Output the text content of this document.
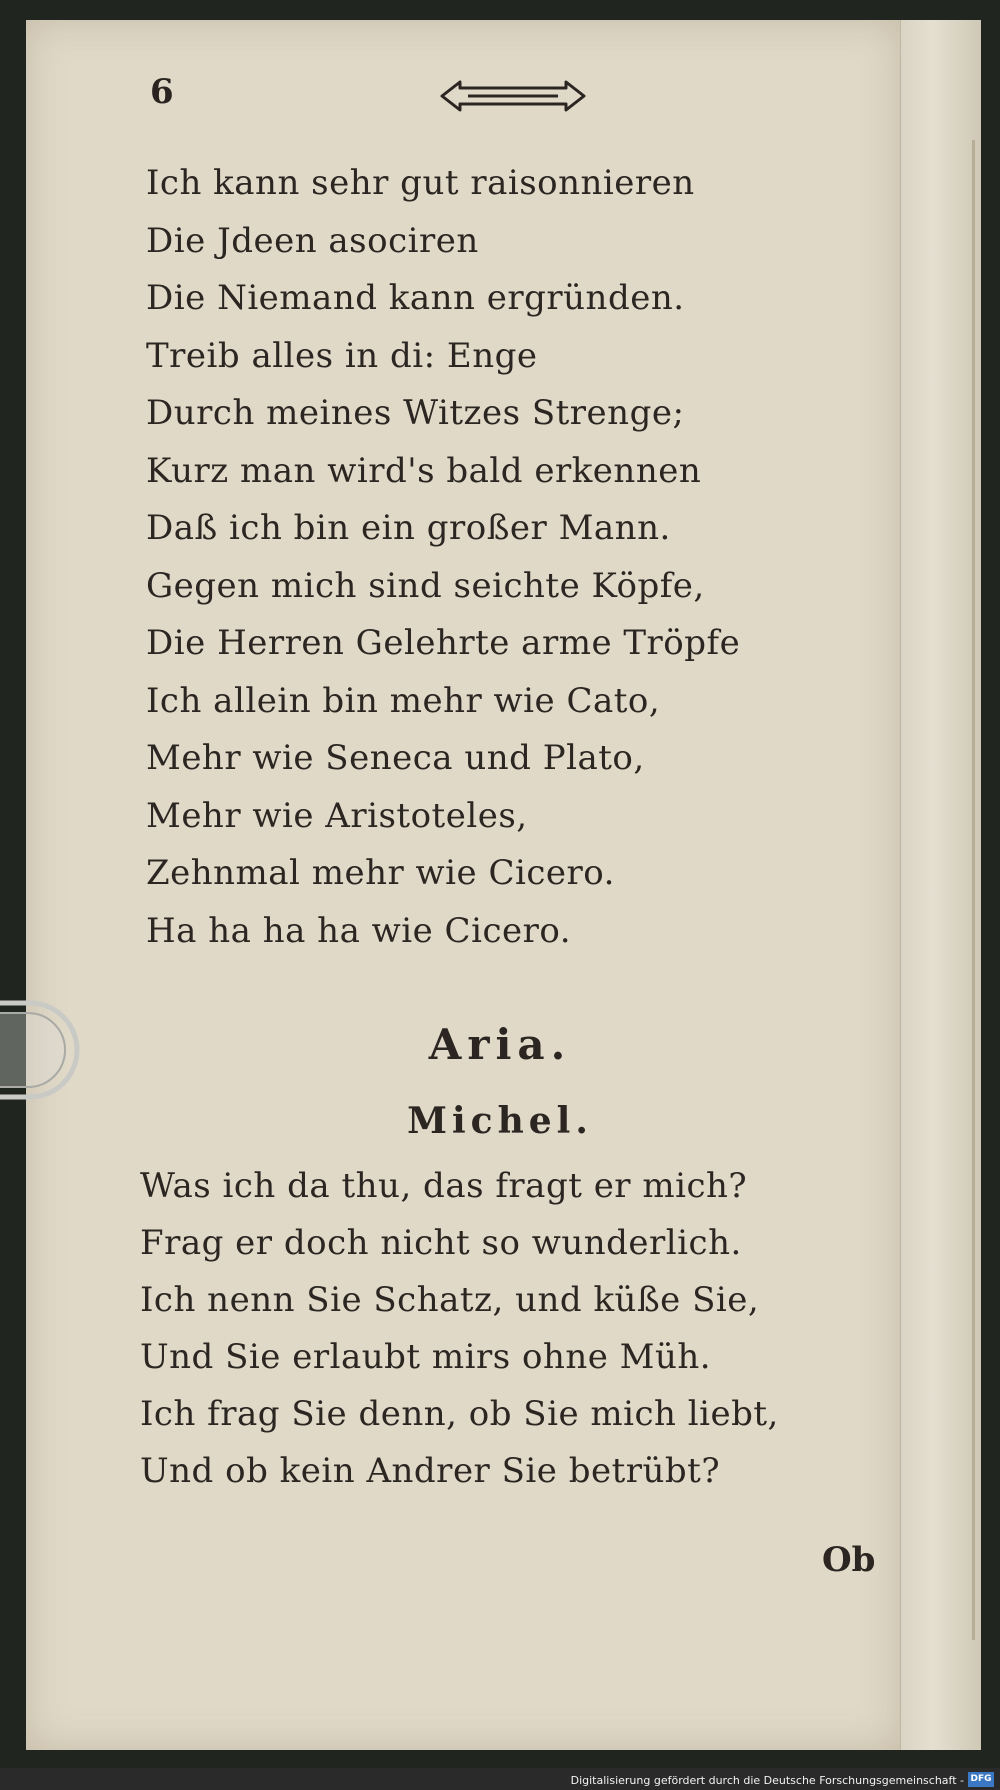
6
Ich kann sehr gut raisonnieren
Die Jdeen asociren
Die Niemand kann ergründen.
Treib alles in di: Enge
Durch meines Witzes Strenge;
Kurz man wird's bald erkennen
Daß ich bin ein großer Mann.
Gegen mich sind seichte Köpfe,
Die Herren Gelehrte arme Tröpfe
Ich allein bin mehr wie Cato,
Mehr wie Seneca und Plato,
Mehr wie Aristoteles,
Zehnmal mehr wie Cicero.
Ha ha ha ha wie Cicero.
Aria.
Michel.
Was ich da thu, das fragt er mich?
Frag er doch nicht so wunderlich.
Ich nenn Sie Schatz, und küße Sie,
Und Sie erlaubt mirs ohne Müh.
Ich frag Sie denn, ob Sie mich liebt,
Und ob kein Andrer Sie betrübt?
Ob
Digitalisierung gefördert durch die Deutsche Forschungsgemeinschaft - DFG
